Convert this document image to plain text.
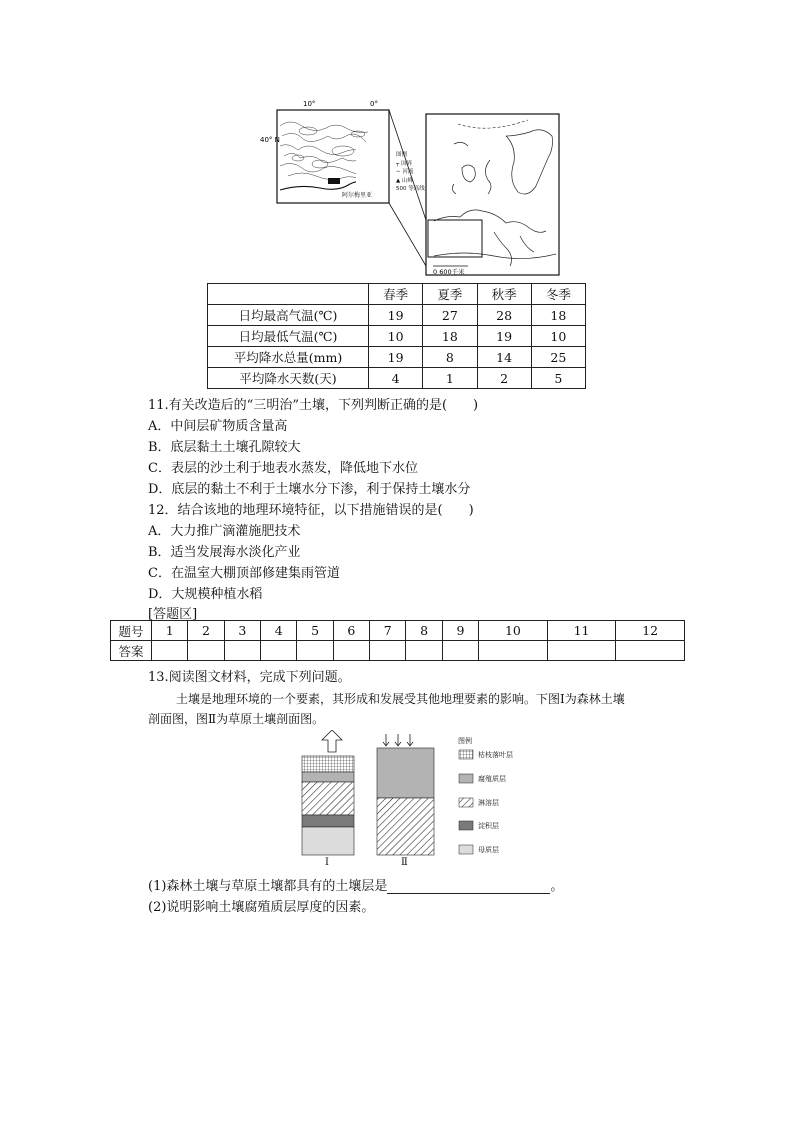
10°	0°
40° N
0 600千米
图例
┬ 国界
∼ 河流
▲ 山峰
500 等高线
阿尔梅里亚
	春季	夏季	秋季	冬季
日均最高气温(℃)	19	27	28	18
日均最低气温(℃)	10	18	19	10
平均降水总量(mm)	19	8	14	25
平均降水天数(天)	4	1	2	5
11.有关改造后的“三明治”土壤，下列判断正确的是(　　)
A．中间层矿物质含量高
B．底层黏土土壤孔隙较大
C．表层的沙土利于地表水蒸发，降低地下水位
D．底层的黏土不利于土壤水分下渗，利于保持土壤水分
12．结合该地的地理环境特征，以下措施错误的是(　　)
A．大力推广滴灌施肥技术
B．适当发展海水淡化产业
C．在温室大棚顶部修建集雨管道
D．大规模种植水稻
[答题区]
题号	1	2	3	4	5	6	7	8	9	10	11	12
答案												
13.阅读图文材料，完成下列问题。
土壤是地理环境的一个要素，其形成和发展受其他地理要素的影响。下图Ⅰ为森林土壤
剖面图，图Ⅱ为草原土壤剖面图。
Ⅰ	Ⅱ
图例
枯枝落叶层
腐殖质层
淋溶层
淀积层
母质层
(1)森林土壤与草原土壤都具有的土壤层是	。
(2)说明影响土壤腐殖质层厚度的因素。
